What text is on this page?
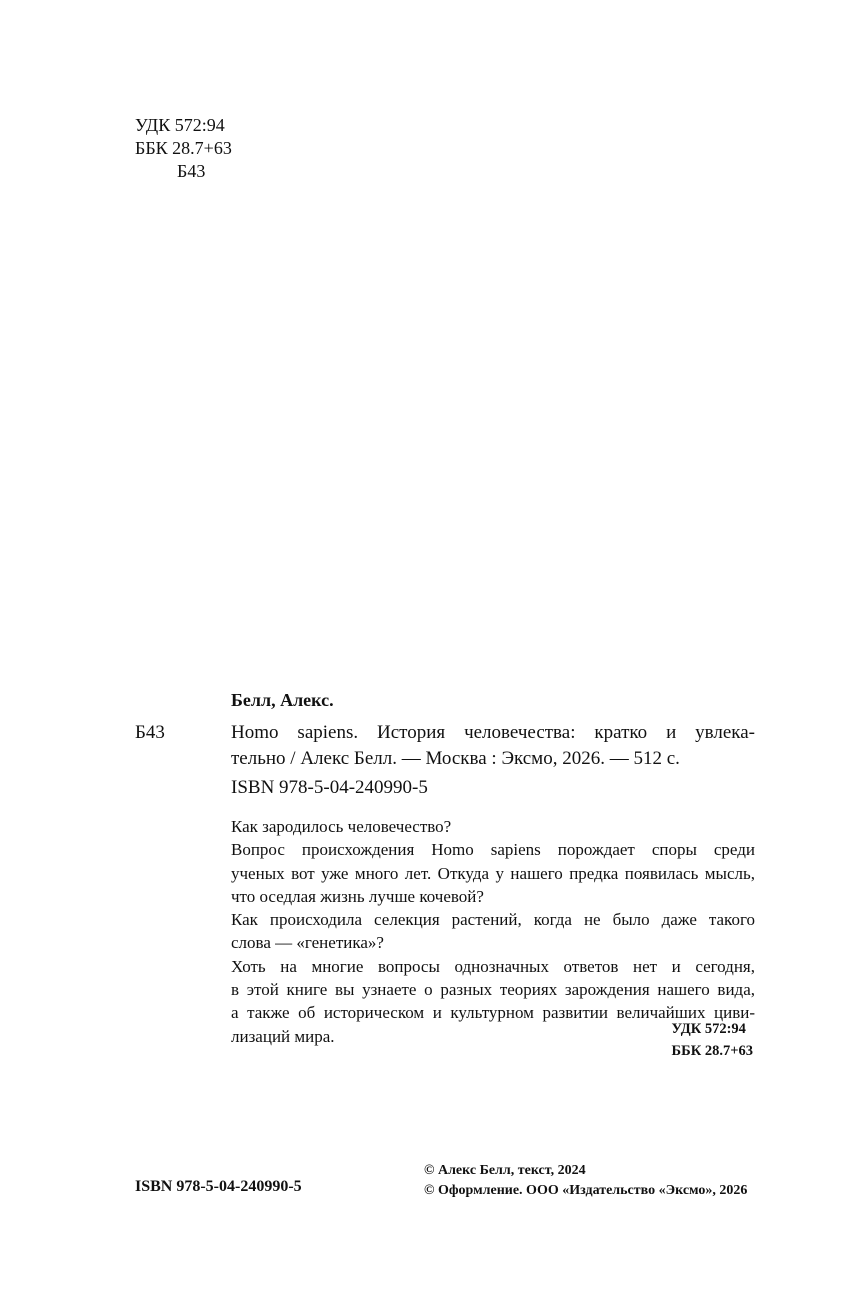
УДК 572:94
ББК 28.7+63
Б43
Белл, Алекс.
Б43	Homo sapiens. История человечества: кратко и увлека-
тельно / Алекс Белл. — Москва : Эксмо, 2026. — 512 с.
ISBN 978-5-04-240990-5

Как зародилось человечество?

Вопрос происхождения Homo sapiens порождает споры среди

ученых вот уже много лет. Откуда у нашего предка появилась мысль,

что оседлая жизнь лучше кочевой?

Как происходила селекция растений, когда не было даже такого

слова — «генетика»?

Хоть на многие вопросы однозначных ответов нет и сегодня,

в этой книге вы узнаете о разных теориях зарождения нашего вида,

а также об историческом и культурном развитии величайших циви-

лизаций мира.	УДК 572:94
ББК 28.7+63
ISBN 978-5-04-240990-5
© Алекс Белл, текст, 2024
© Оформление. ООО «Издательство «Эксмо», 2026
